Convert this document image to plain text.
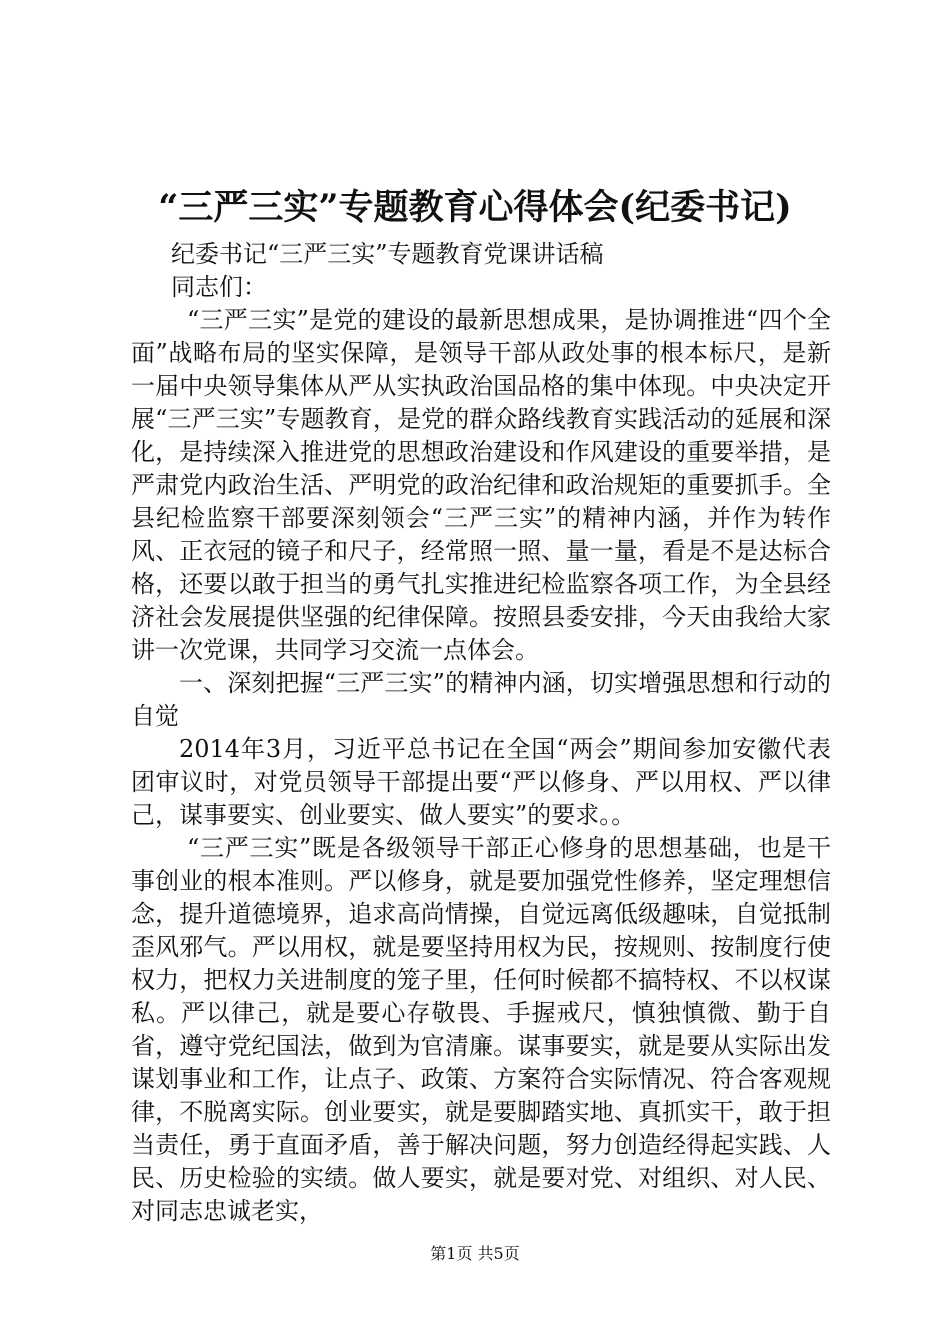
“三严三实”专题教育心得体会(纪委书记)

纪委书记“三严三实”专题教育党课讲话稿

同志们：

“三严三实”是党的建设的最新思想成果，是协调推进“四个全面”战略布局的坚实保障，是领导干部从政处事的根本标尺，是新一届中央领导集体从严从实执政治国品格的集中体现。中央决定开展“三严三实”专题教育，是党的群众路线教育实践活动的延展和深化，是持续深入推进党的思想政治建设和作风建设的重要举措，是严肃党内政治生活、严明党的政治纪律和政治规矩的重要抓手。全县纪检监察干部要深刻领会“三严三实”的精神内涵，并作为转作风、正衣冠的镜子和尺子，经常照一照、量一量，看是不是达标合格，还要以敢于担当的勇气扎实推进纪检监察各项工作，为全县经济社会发展提供坚强的纪律保障。按照县委安排，今天由我给大家讲一次党课，共同学习交流一点体会。

一、深刻把握“三严三实”的精神内涵，切实增强思想和行动的自觉

2014年3月，习近平总书记在全国“两会”期间参加安徽代表团审议时，对党员领导干部提出要“严以修身、严以用权、严以律己，谋事要实、创业要实、做人要实”的要求。。

“三严三实”既是各级领导干部正心修身的思想基础，也是干事创业的根本准则。严以修身，就是要加强党性修养，坚定理想信念，提升道德境界，追求高尚情操，自觉远离低级趣味，自觉抵制歪风邪气。严以用权，就是要坚持用权为民，按规则、按制度行使权力，把权力关进制度的笼子里，任何时候都不搞特权、不以权谋私。严以律己，就是要心存敬畏、手握戒尺，慎独慎微、勤于自省，遵守党纪国法，做到为官清廉。谋事要实，就是要从实际出发谋划事业和工作，让点子、政策、方案符合实际情况、符合客观规律，不脱离实际。创业要实，就是要脚踏实地、真抓实干，敢于担当责任，勇于直面矛盾，善于解决问题，努力创造经得起实践、人民、历史检验的实绩。做人要实，就是要对党、对组织、对人民、对同志忠诚老实，

第1页 共5页
